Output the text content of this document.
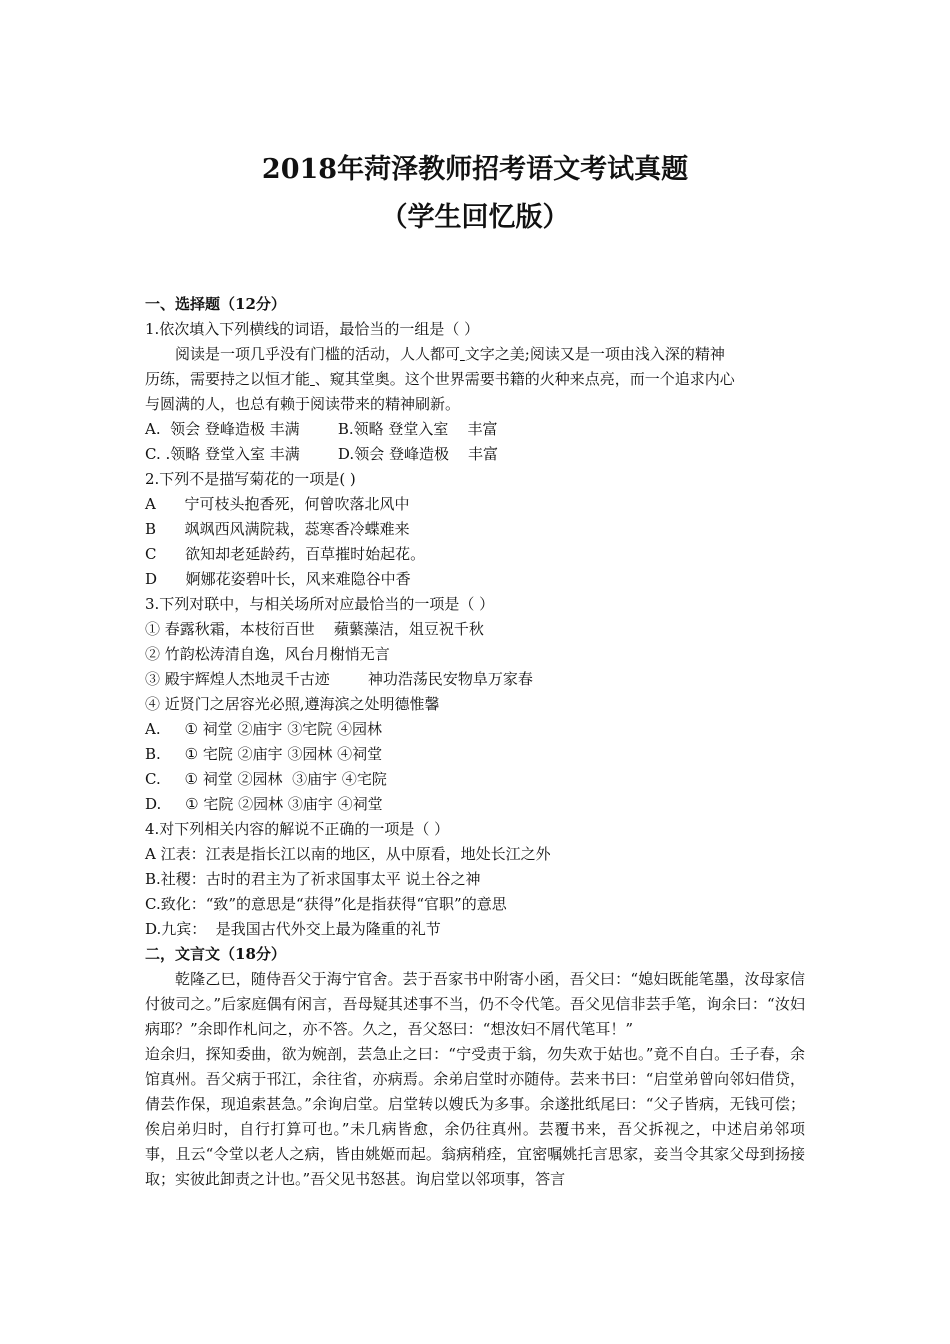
2018年菏泽教师招考语文考试真题
（学生回忆版）

一、选择题（12分）

1.依次填入下列横线的词语，最恰当的一组是（ ）

阅读是一项几乎没有门槛的活动，人人都可 文字之美;阅读又是一项由浅入深的精神

历练，需要持之以恒才能 、窥其堂奥。这个世界需要书籍的火种来点亮，而一个追求内心

与圆满的人，也总有赖于阅读带来的精神刷新。

A.  领会 登峰造极 丰满        B.领略 登堂入室    丰富

C. .领略 登堂入室 丰满        D.领会 登峰造极    丰富

2.下列不是描写菊花的一项是( )

A      宁可枝头抱香死，何曾吹落北风中

B      飒飒西风满院栽，蕊寒香冷蝶难来

C      欲知却老延龄药，百草摧时始起花。

D      婀娜花姿碧叶长，风来难隐谷中香

3.下列对联中，与相关场所对应最恰当的一项是（ ）

① 春露秋霜，本枝衍百世    蘋蘩藻洁，俎豆祝千秋

② 竹韵松涛清自逸，风台月榭悄无言

③ 殿宇辉煌人杰地灵千古迹        神功浩荡民安物阜万家春

④ 近贤门之居容光必照,遵海滨之处明德惟馨

A.     ① 祠堂 ②庙宇 ③宅院 ④园林

B.     ① 宅院 ②庙宇 ③园林 ④祠堂

C.     ① 祠堂 ②园林  ③庙宇 ④宅院

D.     ① 宅院 ②园林 ③庙宇 ④祠堂

4.对下列相关内容的解说不正确的一项是（ ）

A 江表：江表是指长江以南的地区，从中原看，地处长江之外

B.社稷：古时的君主为了祈求国事太平 说土谷之神

C.致化：“致”的意思是“获得”化是指获得“官职”的意思

D.九宾：  是我国古代外交上最为隆重的礼节

二，文言文（18分）

乾隆乙巳，随侍吾父于海宁官舍。芸于吾家书中附寄小函，吾父曰：“媳妇既能笔墨，汝母家信付彼司之。”后家庭偶有闲言，吾母疑其述事不当，仍不令代笔。吾父见信非芸手笔，询余曰：“汝妇病耶？”余即作札问之，亦不答。久之，吾父怒曰：“想汝妇不屑代笔耳！”

迨余归，探知委曲，欲为婉剖，芸急止之曰：“宁受责于翁，勿失欢于姑也。”竟不自白。壬子春，余馆真州。吾父病于邗江，余往省，亦病焉。余弟启堂时亦随侍。芸来书曰：“启堂弟曾向邻妇借贷，倩芸作保，现追索甚急。”余询启堂。启堂转以嫂氏为多事。余遂批纸尾曰：“父子皆病，无钱可偿；俟启弟归时，自行打算可也。”未几病皆愈，余仍往真州。芸覆书来，吾父拆视之，中述启弟邻项事，且云“令堂以老人之病，皆由姚姬而起。翁病稍痊，宜密嘱姚托言思家，妾当令其家父母到扬接取；实彼此卸责之计也。”吾父见书怒甚。询启堂以邻项事，答言
